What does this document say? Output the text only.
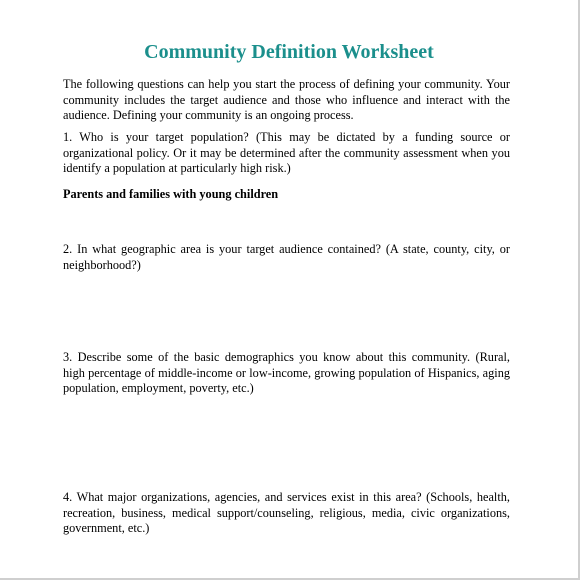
Community Definition Worksheet
The following questions can help you start the process of defining your community. Your
community includes the target audience and those who influence and interact with the
audience. Defining your community is an ongoing process.
1. Who is your target population? (This may be dictated by a funding source or
organizational policy. Or it may be determined after the community assessment when you
identify a population at particularly high risk.)
Parents and families with young children
2. In what geographic area is your target audience contained? (A state, county, city, or
neighborhood?)
3. Describe some of the basic demographics you know about this community. (Rural,
high percentage of middle-income or low-income, growing population of Hispanics, aging
population, employment, poverty, etc.)
4. What major organizations, agencies, and services exist in this area? (Schools, health,
recreation, business, medical support/counseling, religious, media, civic organizations,
government, etc.)
